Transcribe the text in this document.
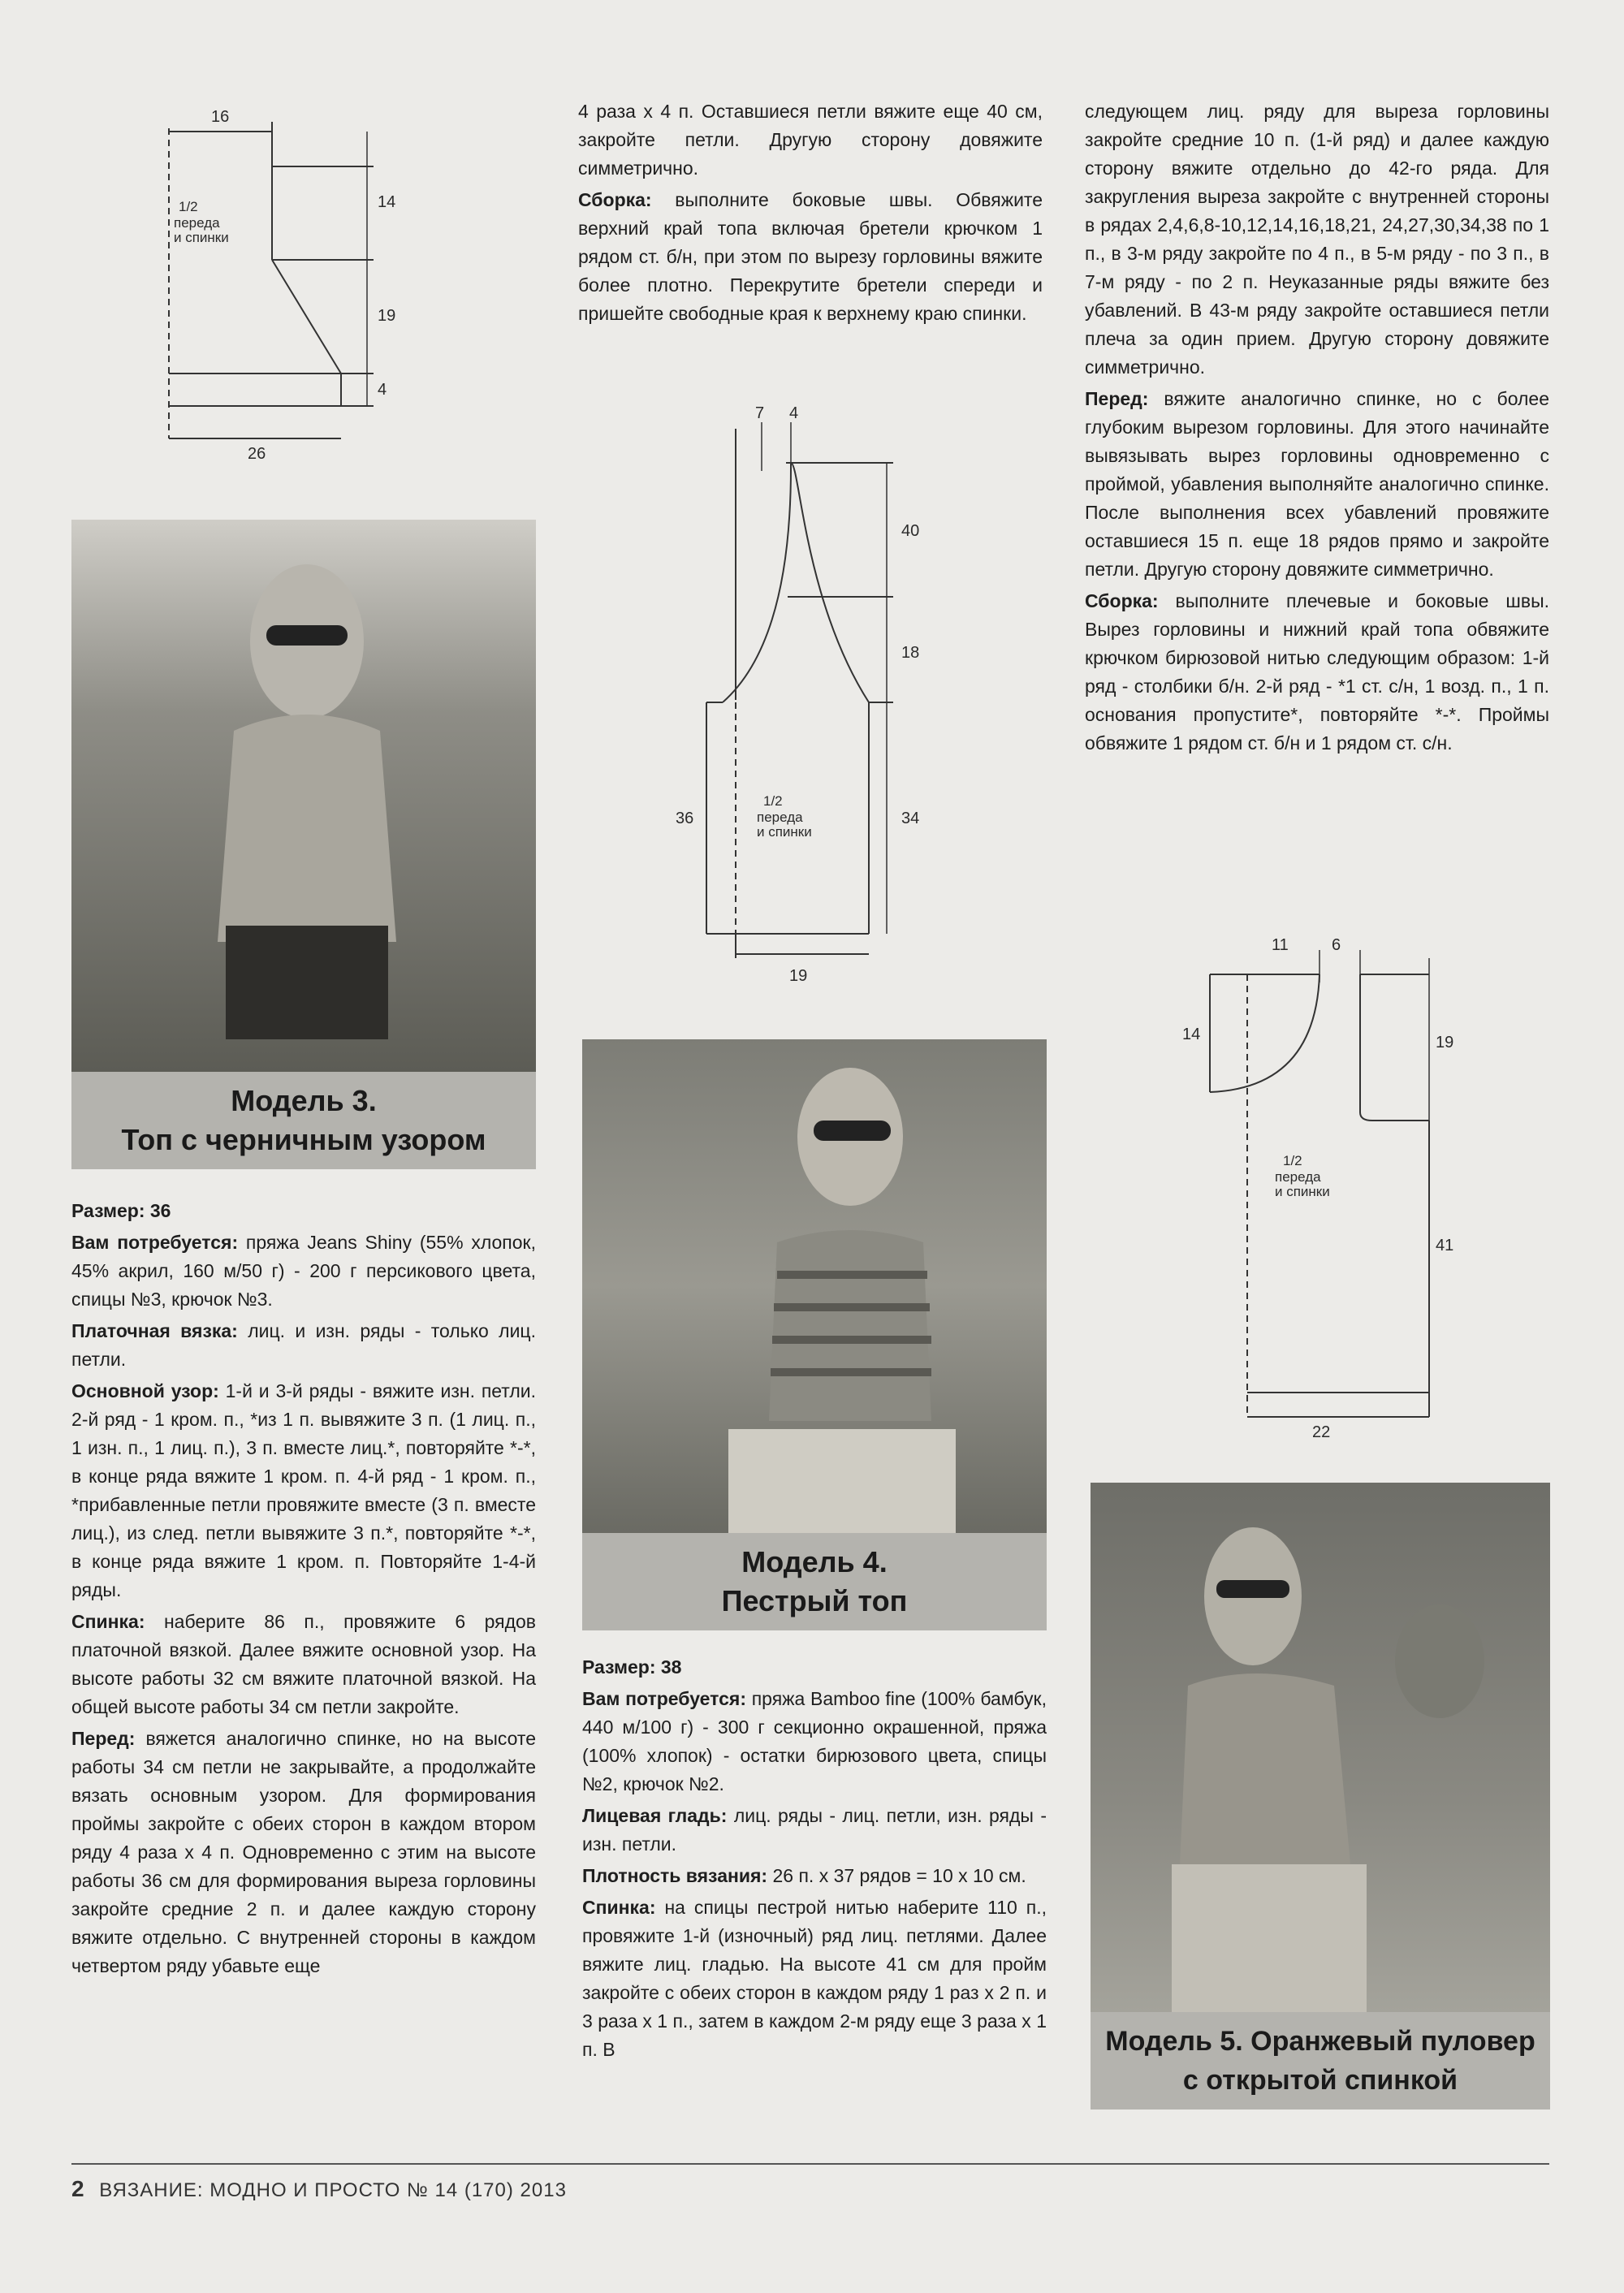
16
14
19
4
26
1/2
переда
и спинки
Модель 3.
Топ с черничным узором

Размер: 36

Вам потребуется: пряжа Jeans Shiny (55% хлопок, 45% акрил, 160 м/50 г) - 200 г персикового цвета, спицы №3, крючок №3.

Платочная вязка: лиц. и изн. ряды - только лиц. петли.

Основной узор: 1-й и 3-й ряды - вяжите изн. петли. 2-й ряд - 1 кром. п., *из 1 п. вывяжите 3 п. (1 лиц. п., 1 изн. п., 1 лиц. п.), 3 п. вместе лиц.*, повторяйте *-*, в конце ряда вяжите 1 кром. п. 4-й ряд - 1 кром. п., *прибавленные петли провяжите вместе (3 п. вместе лиц.), из след. петли вывяжите 3 п.*, повторяйте *-*, в конце ряда вяжите 1 кром. п. Повторяйте 1-4-й ряды.

Спинка: наберите 86 п., провяжите 6 рядов платочной вязкой. Далее вяжите основной узор. На высоте работы 32 см вяжите платочной вязкой. На общей высоте работы 34 см петли закройте.

Перед: вяжется аналогично спинке, но на высоте работы 34 см петли не закрывайте, а продолжайте вязать основным узором. Для формирования проймы закройте с обеих сторон в каждом втором ряду 4 раза х 4 п. Одновременно с этим на высоте работы 36 см для формирования выреза горловины закройте средние 2 п. и далее каждую сторону вяжите отдельно. С внутренней стороны в каждом четвертом ряду убавьте еще

4 раза х 4 п. Оставшиеся петли вяжите еще 40 см, закройте петли. Другую сторону довяжите симметрично.

Сборка: выполните боковые швы. Обвяжите верхний край топа включая бретели крючком 1 рядом ст. б/н, при этом по вырезу горловины вяжите более плотно. Перекрутите бретели спереди и пришейте свободные края к верхнему краю спинки.

7 4
40
18
36	34
19
1/2
переда
и спинки
Модель 4.
Пестрый топ

Размер: 38

Вам потребуется: пряжа Bamboo fine (100% бамбук, 440 м/100 г) - 300 г секционно окрашенной, пряжа (100% хлопок) - остатки бирюзового цвета, спицы №2, крючок №2.

Лицевая гладь: лиц. ряды - лиц. петли, изн. ряды - изн. петли.

Плотность вязания: 26 п. х 37 рядов = 10 х 10 см.

Спинка: на спицы пестрой нитью наберите 110 п., провяжите 1-й (изночный) ряд лиц. петлями. Далее вяжите лиц. гладью. На высоте 41 см для пройм закройте с обеих сторон в каждом ряду 1 раз х 2 п. и 3 раза х 1 п., затем в каждом 2-м ряду еще 3 раза х 1 п. В

следующем лиц. ряду для выреза горловины закройте средние 10 п. (1-й ряд) и далее каждую сторону вяжите отдельно до 42-го ряда. Для закругления выреза закройте с внутренней стороны в рядах 2,4,6,8-10,12,14,16,18,21, 24,27,30,34,38 по 1 п., в 3-м ряду закройте по 4 п., в 5-м ряду - по 3 п., в 7-м ряду - по 2 п. Неуказанные ряды вяжите без убавлений. В 43-м ряду закройте оставшиеся петли плеча за один прием. Другую сторону довяжите симметрично.

Перед: вяжите аналогично спинке, но с более глубоким вырезом горловины. Для этого начинайте вывязывать вырез горловины одновременно с проймой, убавления выполняйте аналогично спинке. После выполнения всех убавлений провяжите оставшиеся 15 п. еще 18 рядов прямо и закройте петли. Другую сторону довяжите симметрично.

Сборка: выполните плечевые и боковые швы. Вырез горловины и нижний край топа обвяжите крючком бирюзовой нитью следующим образом: 1-й ряд - столбики б/н. 2-й ряд - *1 ст. с/н, 1 возд. п., 1 п. основания пропустите*, повторяйте *-*. Проймы обвяжите 1 рядом ст. б/н и 1 рядом ст. с/н.

11	6
14	19
41
22
1/2
переда
и спинки
Модель 5. Оранжевый пуловер
с открытой спинкой
2 ВЯЗАНИЕ: МОДНО И ПРОСТО № 14 (170) 2013
